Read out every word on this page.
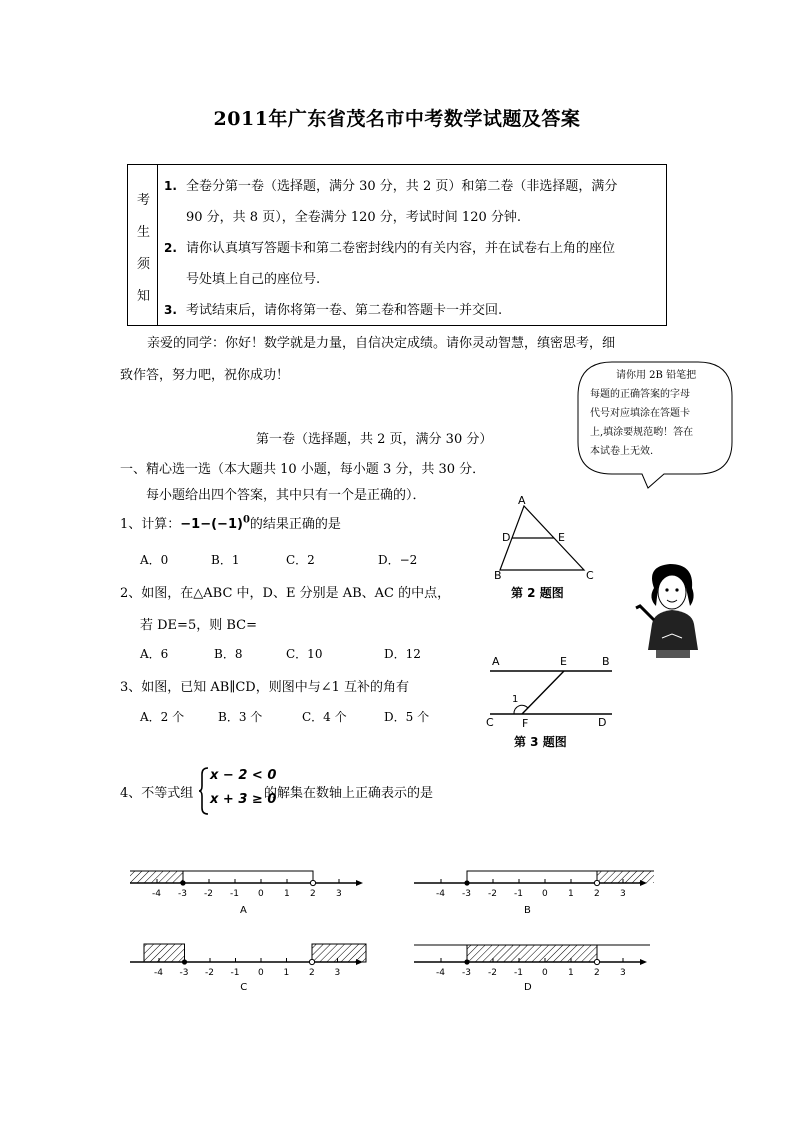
2011年广东省茂名市中考数学试题及答案
考
生
须
知
1. 全卷分第一卷（选择题，满分 30 分，共 2 页）和第二卷（非选择题，满分
90 分，共 8 页），全卷满分 120 分，考试时间 120 分钟.
2. 请你认真填写答题卡和第二卷密封线内的有关内容，并在试卷右上角的座位
号处填上自己的座位号.
3. 考试结束后，请你将第一卷、第二卷和答题卡一并交回.
亲爱的同学：你好！数学就是力量，自信决定成绩。请你灵动智慧，缜密思考，细
致作答，努力吧，祝你成功！	请你用 2B 铅笔把
每题的正确答案的字母
代号对应填涂在答题卡
上,填涂要规范哟！答在
本试卷上无效.
第一卷（选择题，共 2 页，满分 30 分）
一、精心选一选（本大题共 10 小题，每小题 3 分，共 30 分．
每小题给出四个答案，其中只有一个是正确的）．
1、计算：$-1-(-1)^0$的结果正确的是
A．0	B．1	C．2	D．−2
2、如图，在△ABC 中，D、E 分别是 AB、AC 的中点，
若 DE=5，则 BC=
A．6	B．8	C．10	D．12
A
D	E
B	C
第 2 题图
3、如图，已知 AB∥CD，则图中与∠1 互补的角有
A．2 个	B．3 个	C．4 个	D．5 个
A	E	B
1
C	F	D
第 3 题图
4、不等式组
x − 2 < 0
x + 3 ≥ 0
的解集在数轴上正确表示的是
-4 -3 -2 -1 0 1 2 3
A
-4 -3 -2 -1 0 1 2 3
B
-4 -3 -2 -1 0 1 2 3
C
-4 -3 -2 -1 0 1 2 3
D
